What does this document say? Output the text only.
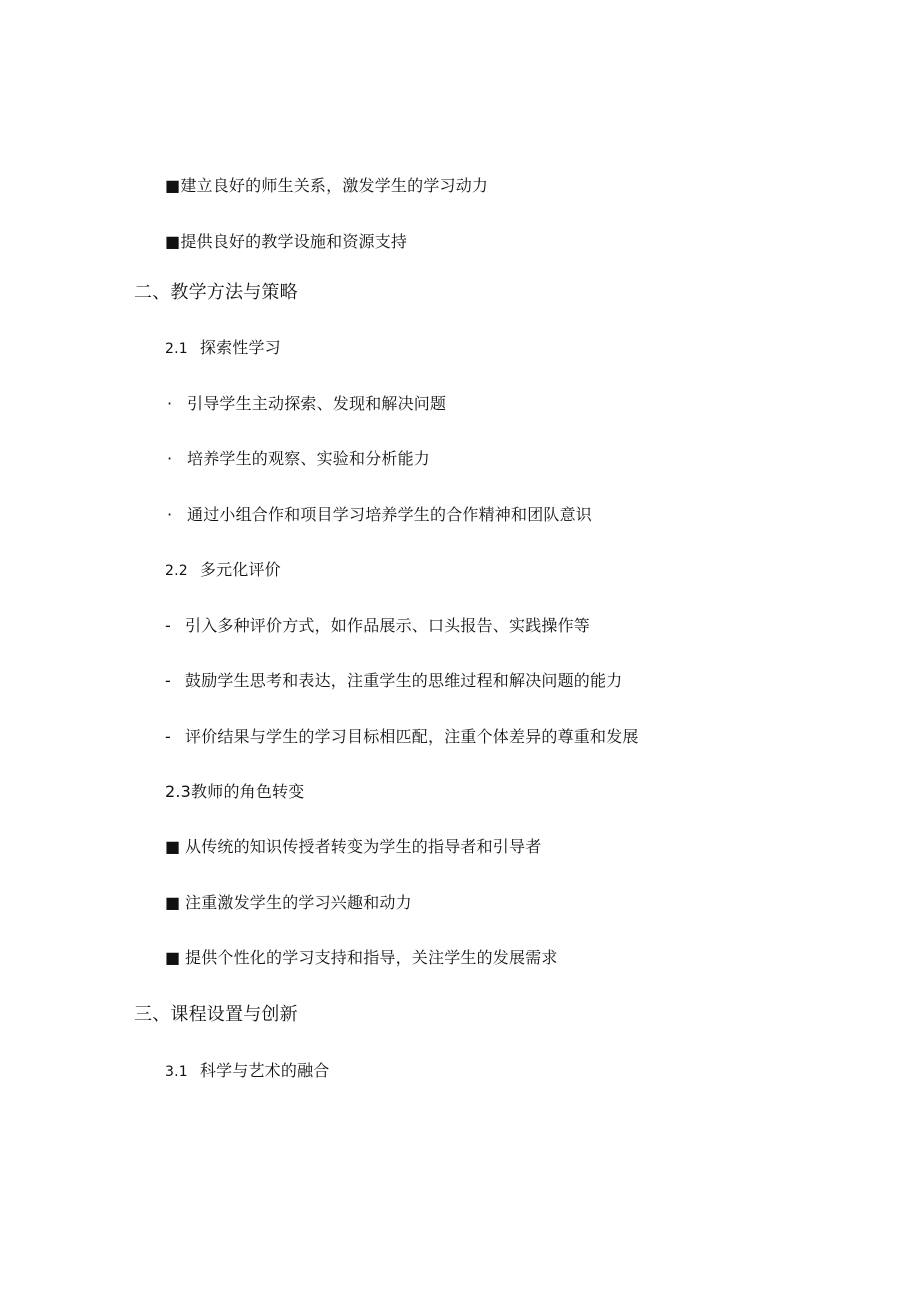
■建立良好的师生关系，激发学生的学习动力
■提供良好的教学设施和资源支持
二、教学方法与策略
2.1 探索性学习
· 引导学生主动探索、发现和解决问题
· 培养学生的观察、实验和分析能力
· 通过小组合作和项目学习培养学生的合作精神和团队意识
2.2 多元化评价
- 引入多种评价方式，如作品展示、口头报告、实践操作等
- 鼓励学生思考和表达，注重学生的思维过程和解决问题的能力
- 评价结果与学生的学习目标相匹配，注重个体差异的尊重和发展
2.3教师的角色转变
■ 从传统的知识传授者转变为学生的指导者和引导者
■ 注重激发学生的学习兴趣和动力
■ 提供个性化的学习支持和指导，关注学生的发展需求
三、课程设置与创新
3.1 科学与艺术的融合
